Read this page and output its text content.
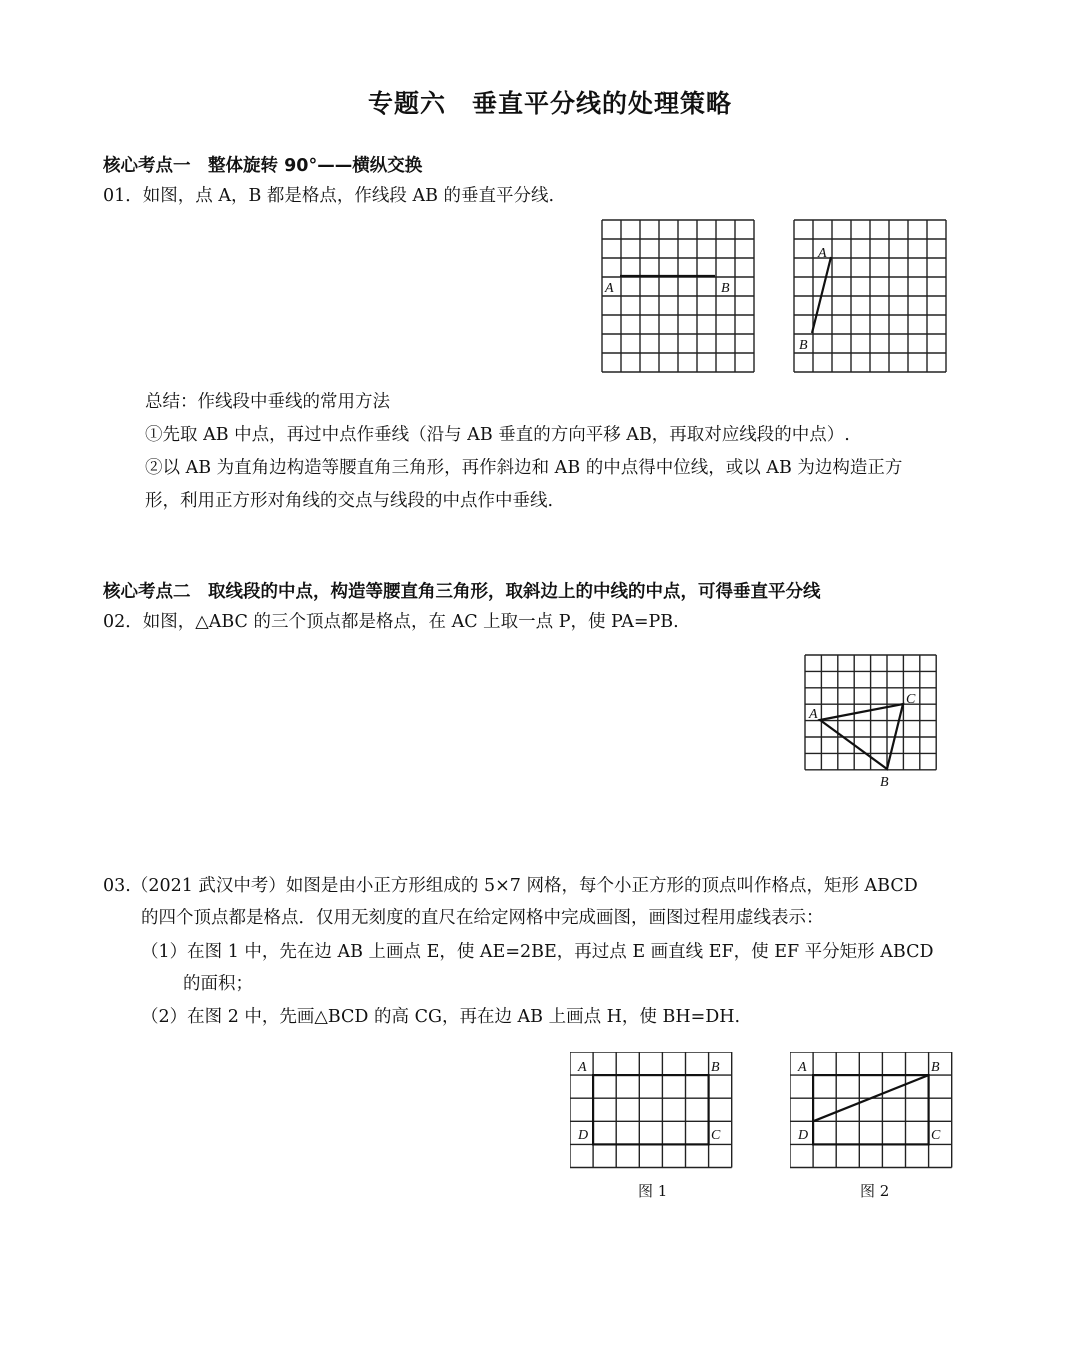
专题六　垂直平分线的处理策略
核心考点一　整体旋转 90°——横纵交换
01．如图，点 A，B 都是格点，作线段 AB 的垂直平分线.
A	B
A
B
总结：作线段中垂线的常用方法
①先取 AB 中点，再过中点作垂线（沿与 AB 垂直的方向平移 AB，再取对应线段的中点）.
②以 AB 为直角边构造等腰直角三角形，再作斜边和 AB 的中点得中位线，或以 AB 为边构造正方
形，利用正方形对角线的交点与线段的中点作中垂线.
核心考点二　取线段的中点，构造等腰直角三角形，取斜边上的中线的中点，可得垂直平分线
02．如图，△ABC 的三个顶点都是格点，在 AC 上取一点 P，使 PA=PB.
A
C
B
03.（2021 武汉中考）如图是由小正方形组成的 5×7 网格，每个小正方形的顶点叫作格点，矩形 ABCD
的四个顶点都是格点．仅用无刻度的直尺在给定网格中完成画图，画图过程用虚线表示：
（1）在图 1 中，先在边 AB 上画点 E，使 AE=2BE，再过点 E 画直线 EF，使 EF 平分矩形 ABCD
的面积；
（2）在图 2 中，先画△BCD 的高 CG，再在边 AB 上画点 H，使 BH=DH.
A	B
C
D
图 1
A	B
C
D
图 2
